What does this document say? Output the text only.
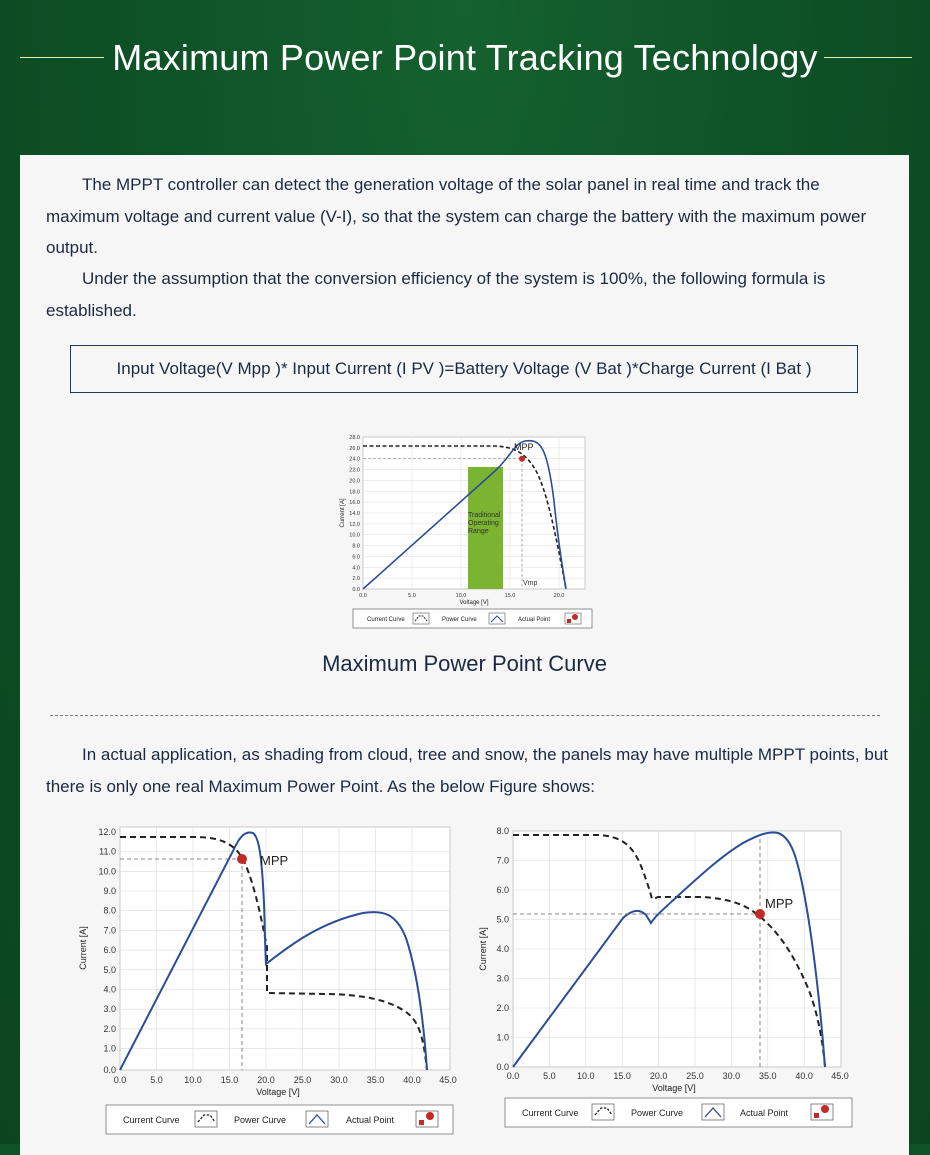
Maximum Power Point Tracking Technology

The MPPT controller can detect the generation voltage of the solar panel in real time and track the maximum voltage and current value (V-I), so that the system can charge the battery with the maximum power output.

Under the assumption that the conversion efficiency of the system is 100%, the following formula is established.

Input Voltage(V Mpp )* Input Current (I PV )=Battery Voltage (V Bat )*Charge Current (I Bat )
Traditional
Operating
Range
MPP
Vmp
28.0
26.0
24.0
22.0
20.0
18.0
16.0
14.0
12.0
10.0
8.0
6.0
4.0
2.0
0.0
0.0	5.0	10.0	15.0	20.0
Voltage [V]
Current [A]
Current Curve	Power Curve	Actual Point
Maximum Power Point Curve

In actual application, as shading from cloud, tree and snow, the panels may have multiple MPPT points, but there is only one real Maximum Power Point. As the below Figure shows:

MPP
12.0
11.0
10.0
9.0
8.0
7.0
6.0
5.0
4.0
3.0
2.0
1.0
0.0
0.0	5.0 10.0 15.0 20.0 25.0 30.0 35.0 40.0 45.0
Voltage [V]
Current [A]
Current Curve	Power Curve	Actual Point
MPP
8.0
7.0
6.0
5.0
4.0
3.0
2.0
1.0
0.0
0.0	5.0 10.0 15.0 20.0 25.0 30.0 35.0 40.0 45.0
Voltage [V]
Current [A]
Current Curve	Power Curve	Actual Point
